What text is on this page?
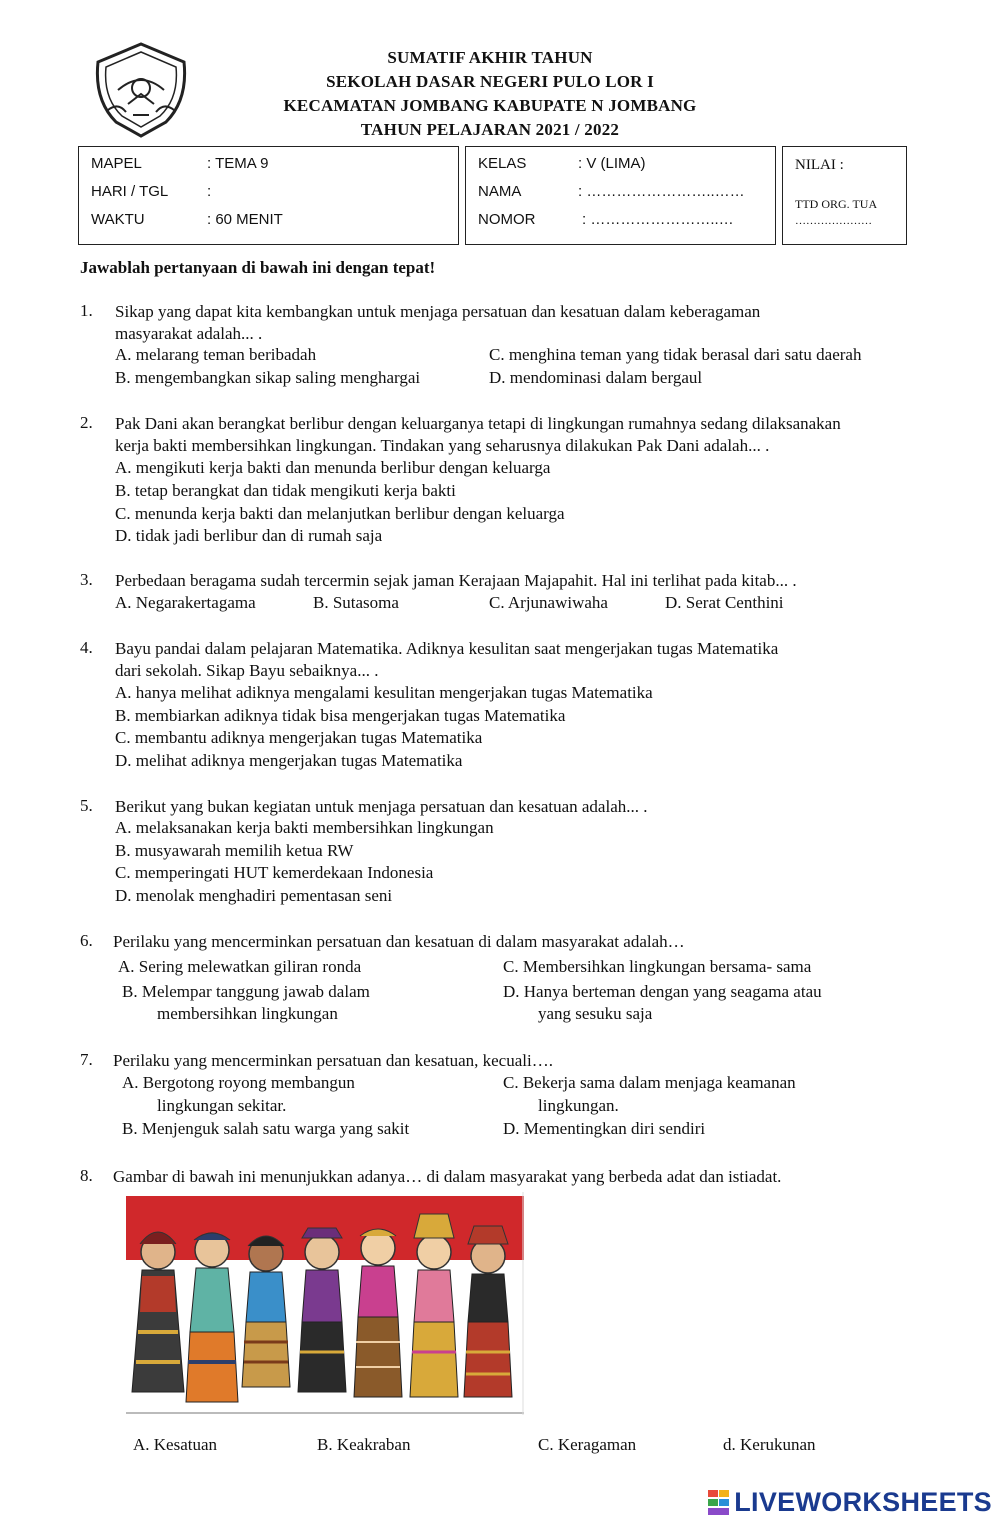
SUMATIF AKHIR TAHUN
SEKOLAH DASAR NEGERI PULO LOR I
KECAMATAN JOMBANG KABUPATE N JOMBANG
TAHUN PELAJARAN 2021 / 2022
MAPEL	: TEMA 9
HARI / TGL	:
WAKTU	: 60 MENIT
KELAS	: V (LIMA)
NAMA	: ……………………..……
NOMOR	: ……………………..…
NILAI :
TTD ORG. TUA
…………………
Jawablah pertanyaan di bawah ini dengan tepat!
1. Sikap yang dapat kita kembangkan untuk menjaga persatuan dan kesatuan dalam keberagaman
masyarakat adalah... .
A. melarang teman beribadah
B. mengembangkan sikap saling menghargai
C. menghina teman yang tidak berasal dari satu daerah
D. mendominasi dalam bergaul
2. Pak Dani akan berangkat berlibur dengan keluarganya tetapi di lingkungan rumahnya sedang dilaksanakan
kerja bakti membersihkan lingkungan. Tindakan yang seharusnya dilakukan Pak Dani adalah... .
A. mengikuti kerja bakti dan menunda berlibur dengan keluarga
B. tetap berangkat dan tidak mengikuti kerja bakti
C. menunda kerja bakti dan melanjutkan berlibur dengan keluarga
D. tidak jadi berlibur dan di rumah saja
3. Perbedaan beragama sudah tercermin sejak jaman Kerajaan Majapahit. Hal ini terlihat pada kitab... .
A. Negarakertagama	B. Sutasoma	C. Arjunawiwaha	D. Serat Centhini
4. Bayu pandai dalam pelajaran Matematika. Adiknya kesulitan saat mengerjakan tugas Matematika
dari sekolah. Sikap Bayu sebaiknya... .
A. hanya melihat adiknya mengalami kesulitan mengerjakan tugas Matematika
B. membiarkan adiknya tidak bisa mengerjakan tugas Matematika
C. membantu adiknya mengerjakan tugas Matematika
D. melihat adiknya mengerjakan tugas Matematika
5. Berikut yang bukan kegiatan untuk menjaga persatuan dan kesatuan adalah... .
A. melaksanakan kerja bakti membersihkan lingkungan
B. musyawarah memilih ketua RW
C. memperingati HUT kemerdekaan Indonesia
D. menolak menghadiri pementasan seni
6. Perilaku yang mencerminkan persatuan dan kesatuan di dalam masyarakat adalah…
A. Sering melewatkan giliran ronda
B. Melempar tanggung jawab dalam
membersihkan lingkungan
C. Membersihkan lingkungan bersama- sama
D. Hanya berteman dengan yang seagama atau
yang sesuku saja
7. Perilaku yang mencerminkan persatuan dan kesatuan, kecuali….
A. Bergotong royong membangun
lingkungan sekitar.
B. Menjenguk salah satu warga yang sakit
C. Bekerja sama dalam menjaga keamanan
lingkungan.
D. Mementingkan diri sendiri
8. Gambar di bawah ini menunjukkan adanya… di dalam masyarakat yang berbeda adat dan istiadat.
A. Kesatuan	B. Keakraban	C. Keragaman	d. Kerukunan
LIVEWORKSHEETS
